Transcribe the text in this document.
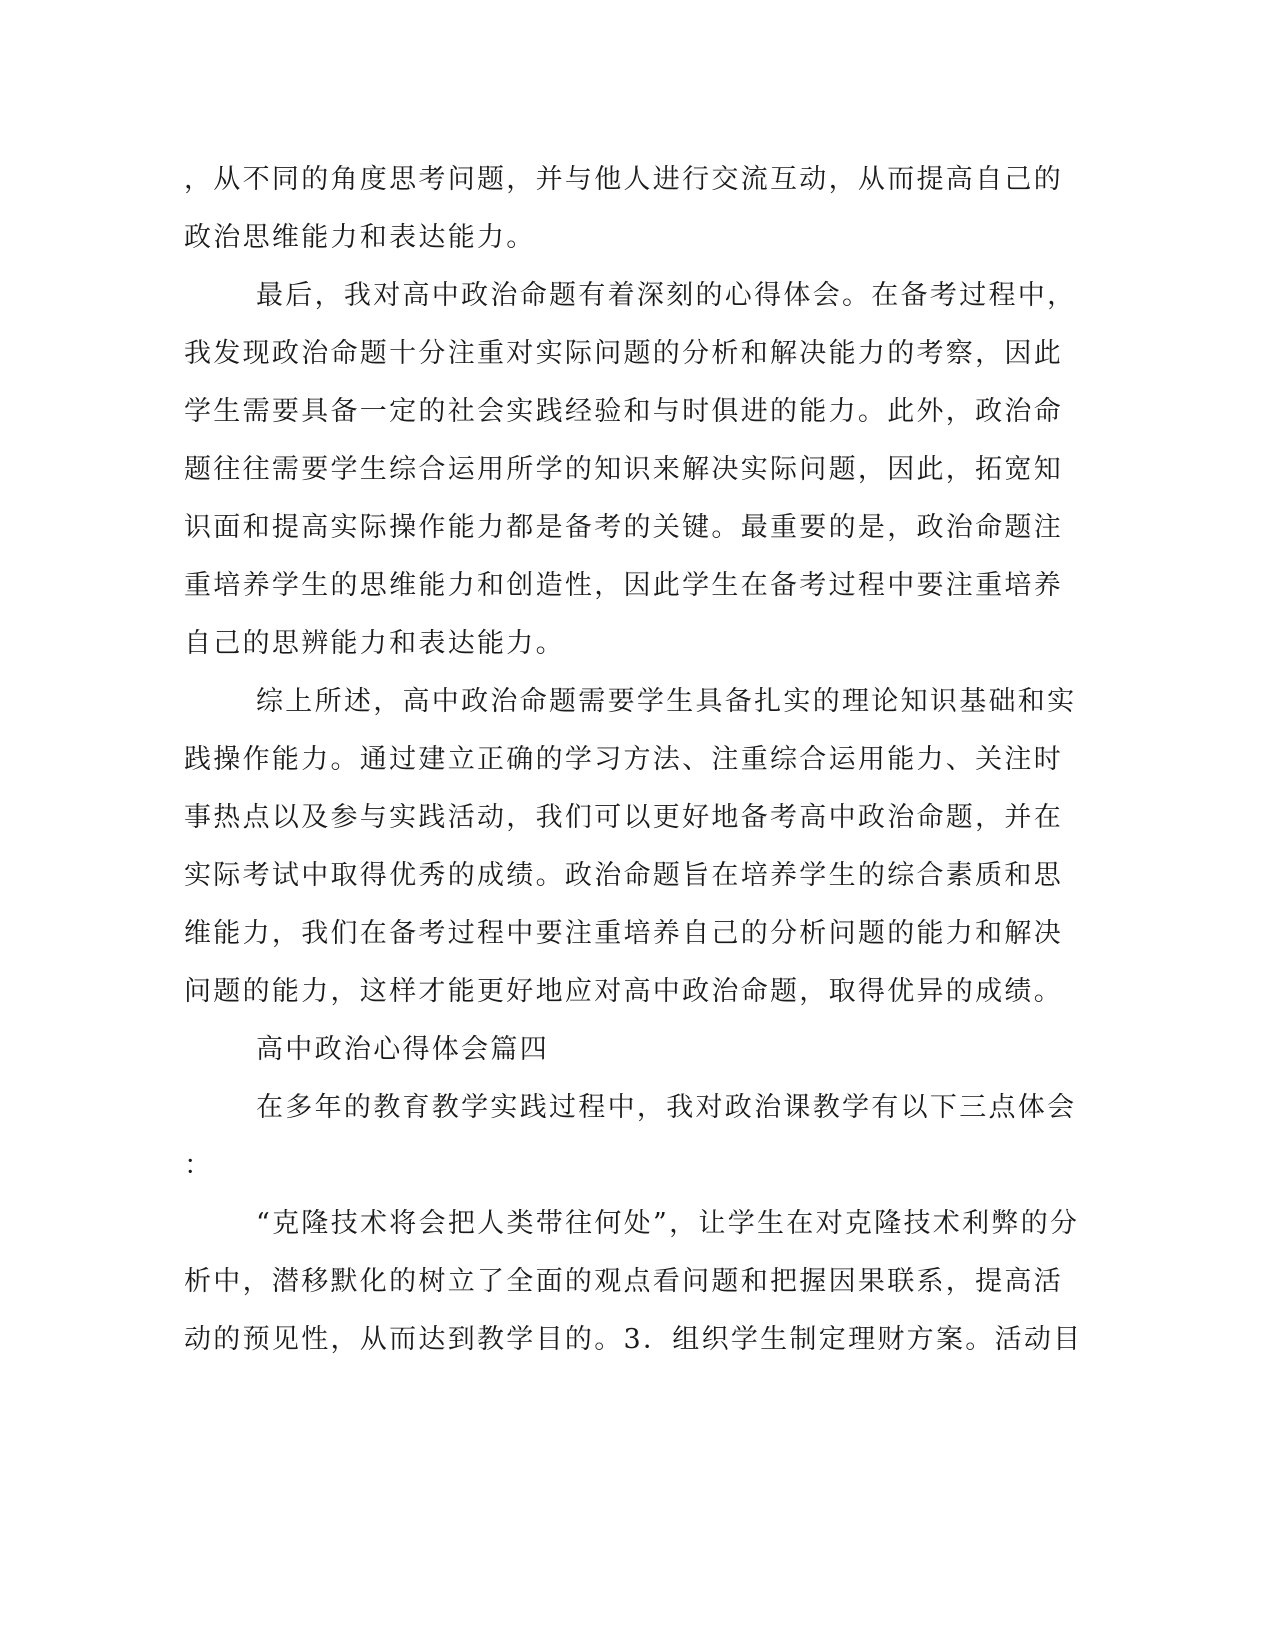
，从不同的角度思考问题，并与他人进行交流互动，从而提高自己的
政治思维能力和表达能力。
最后，我对高中政治命题有着深刻的心得体会。在备考过程中，
我发现政治命题十分注重对实际问题的分析和解决能力的考察，因此
学生需要具备一定的社会实践经验和与时俱进的能力。此外，政治命
题往往需要学生综合运用所学的知识来解决实际问题，因此，拓宽知
识面和提高实际操作能力都是备考的关键。最重要的是，政治命题注
重培养学生的思维能力和创造性，因此学生在备考过程中要注重培养
自己的思辨能力和表达能力。
综上所述，高中政治命题需要学生具备扎实的理论知识基础和实
践操作能力。通过建立正确的学习方法、注重综合运用能力、关注时
事热点以及参与实践活动，我们可以更好地备考高中政治命题，并在
实际考试中取得优秀的成绩。政治命题旨在培养学生的综合素质和思
维能力，我们在备考过程中要注重培养自己的分析问题的能力和解决
问题的能力，这样才能更好地应对高中政治命题，取得优异的成绩。
高中政治心得体会篇四
在多年的教育教学实践过程中，我对政治课教学有以下三点体会
：
“克隆技术将会把人类带往何处”，让学生在对克隆技术利弊的分
析中，潜移默化的树立了全面的观点看问题和把握因果联系，提高活
动的预见性，从而达到教学目的。3．组织学生制定理财方案。活动目
